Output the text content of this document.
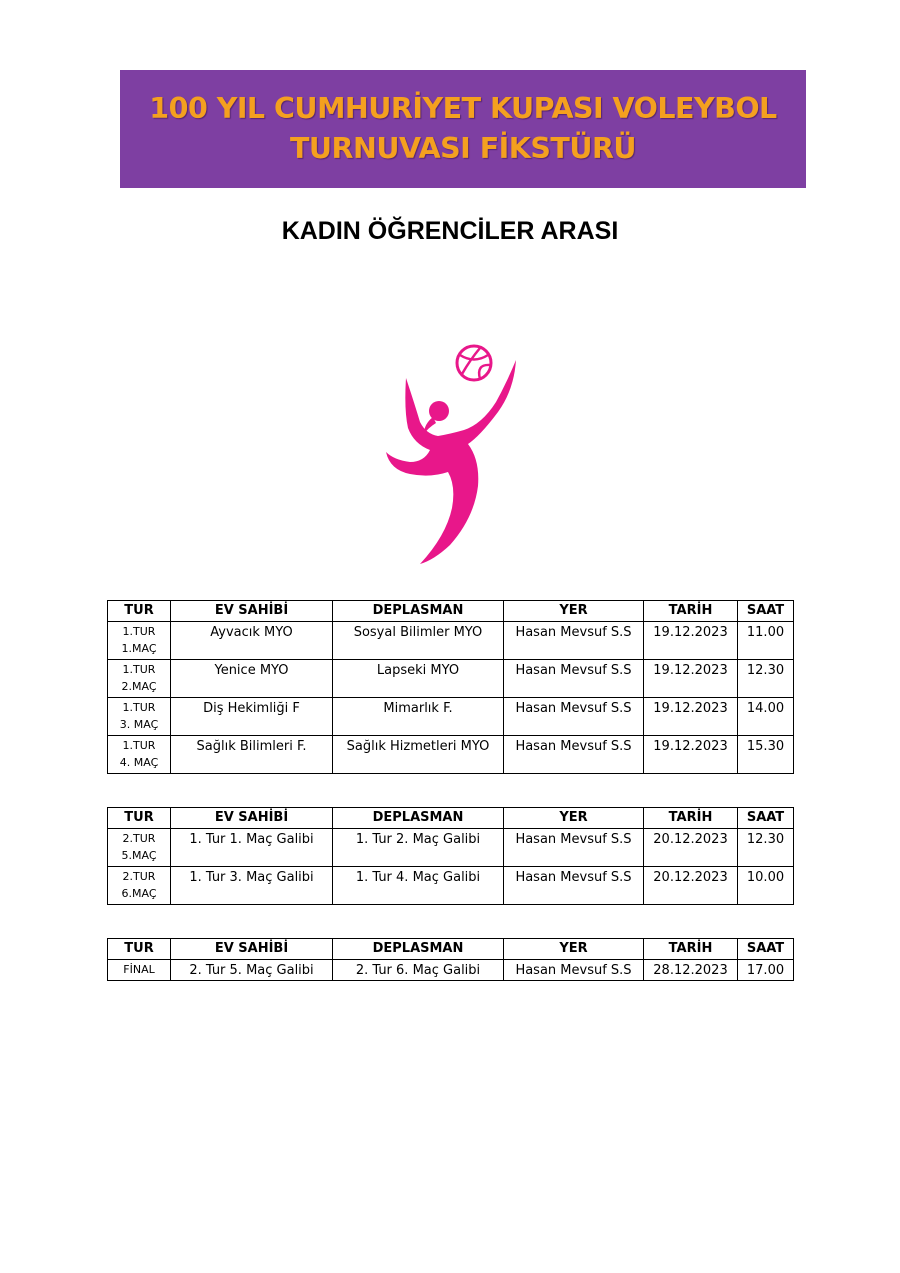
100 YIL CUMHURİYET KUPASI VOLEYBOL
TURNUVASI FİKSTÜRÜ
KADIN ÖĞRENCİLER ARASI
TUR	EV SAHİBİ	DEPLASMAN	YER	TARİH	SAAT

1.TUR
1.MAÇ	Ayvacık MYO	Sosyal Bilimler MYO	Hasan Mevsuf S.S	19.12.2023	11.00

1.TUR
2.MAÇ	Yenice MYO	Lapseki MYO	Hasan Mevsuf S.S	19.12.2023	12.30

1.TUR
3. MAÇ	Diş Hekimliği F	Mimarlık F.	Hasan Mevsuf S.S	19.12.2023	14.00

1.TUR
4. MAÇ	Sağlık Bilimleri F.	Sağlık Hizmetleri MYO	Hasan Mevsuf S.S	19.12.2023	15.30
TUR	EV SAHİBİ	DEPLASMAN	YER	TARİH	SAAT

2.TUR
5.MAÇ	1. Tur 1. Maç Galibi	1. Tur 2. Maç Galibi	Hasan Mevsuf S.S	20.12.2023	12.30

2.TUR
6.MAÇ	1. Tur 3. Maç Galibi	1. Tur 4. Maç Galibi	Hasan Mevsuf S.S	20.12.2023	10.00
TUR	EV SAHİBİ	DEPLASMAN	YER	TARİH	SAAT
FİNAL	2. Tur 5. Maç Galibi	2. Tur 6. Maç Galibi	Hasan Mevsuf S.S	28.12.2023	17.00
